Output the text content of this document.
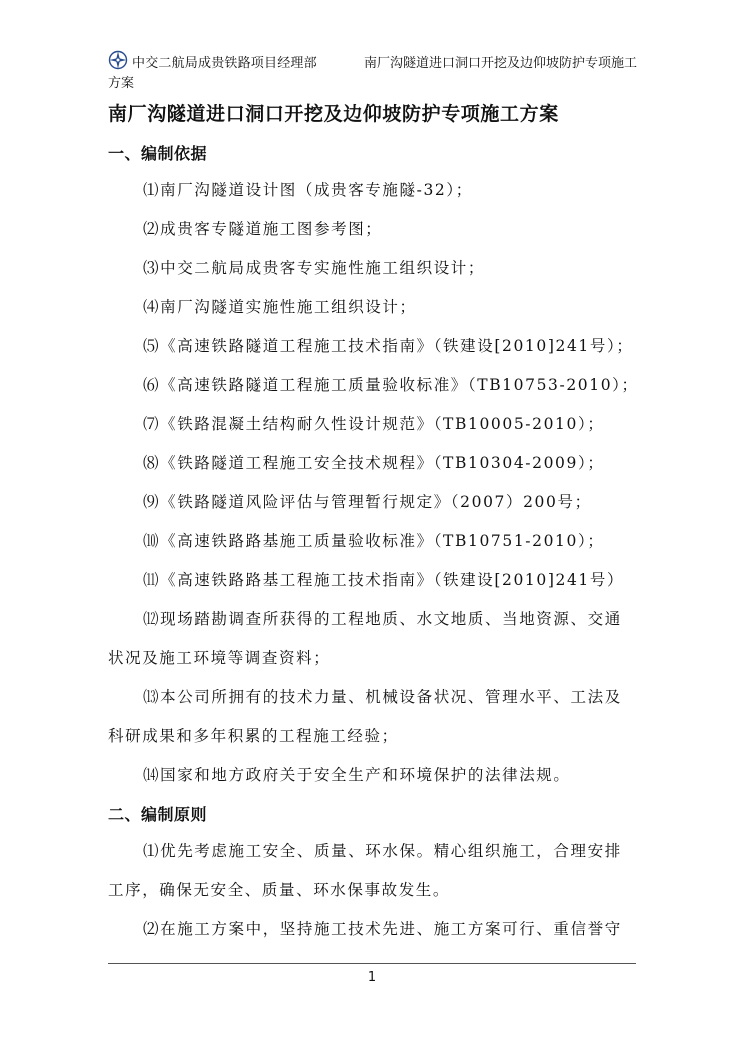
中交二航局成贵铁路项目经理部	南厂沟隧道进口洞口开挖及边仰坡防护专项施工
方案
南厂沟隧道进口洞口开挖及边仰坡防护专项施工方案
一、编制依据
⑴南厂沟隧道设计图（成贵客专施隧-32）；
⑵成贵客专隧道施工图参考图；
⑶中交二航局成贵客专实施性施工组织设计；
⑷南厂沟隧道实施性施工组织设计；
⑸《高速铁路隧道工程施工技术指南》（铁建设[2010]241号）；
⑹《高速铁路隧道工程施工质量验收标准》（TB10753-2010）；
⑺《铁路混凝土结构耐久性设计规范》（TB10005-2010）；
⑻《铁路隧道工程施工安全技术规程》（TB10304-2009）；
⑼《铁路隧道风险评估与管理暂行规定》（2007）200号；
⑽《高速铁路路基施工质量验收标准》（TB10751-2010）；
⑾《高速铁路路基工程施工技术指南》（铁建设[2010]241号）
⑿现场踏勘调查所获得的工程地质、水文地质、当地资源、交通
状况及施工环境等调查资料；
⒀本公司所拥有的技术力量、机械设备状况、管理水平、工法及
科研成果和多年积累的工程施工经验；
⒁国家和地方政府关于安全生产和环境保护的法律法规。
二、编制原则
⑴优先考虑施工安全、质量、环水保。精心组织施工，合理安排
工序，确保无安全、质量、环水保事故发生。
⑵在施工方案中，坚持施工技术先进、施工方案可行、重信誉守
1
